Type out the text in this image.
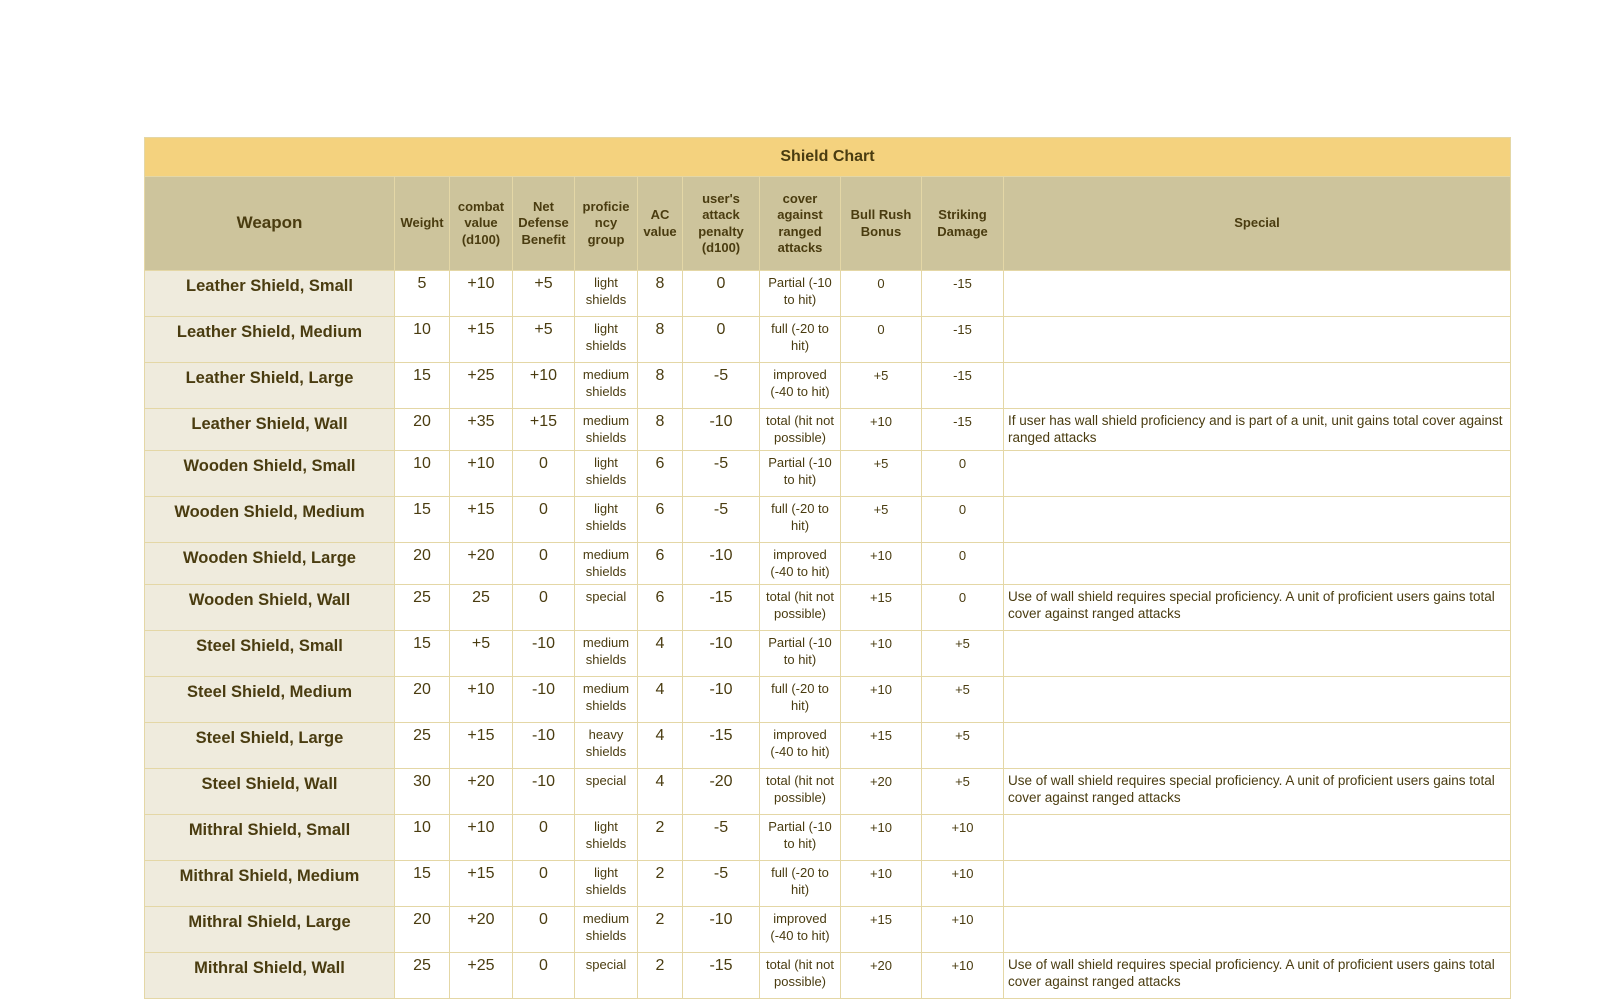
Shield Chart										
Weapon	Weight	combat value (d100)	Net Defense Benefit	proficie ncy group	AC value	user's attack penalty (d100)	cover against ranged attacks	Bull Rush Bonus	Striking Damage	Special
Leather Shield, Small	5	+10	+5	light shields	8	0	Partial (-10 to hit)	0	-15	
Leather Shield, Medium	10	+15	+5	light shields	8	0	full (-20 to hit)	0	-15	
Leather Shield, Large	15	+25	+10	medium shields	8	-5	improved (-40 to hit)	+5	-15	
Leather Shield, Wall	20	+35	+15	medium shields	8	-10	total (hit not possible)	+10	-15	If user has wall shield proficiency and is part of a unit, unit gains total cover against ranged attacks
Wooden Shield, Small	10	+10	0	light shields	6	-5	Partial (-10 to hit)	+5	0	
Wooden Shield, Medium	15	+15	0	light shields	6	-5	full (-20 to hit)	+5	0	
Wooden Shield, Large	20	+20	0	medium shields	6	-10	improved (-40 to hit)	+10	0	
Wooden Shield, Wall	25	25	0	special	6	-15	total (hit not possible)	+15	0	Use of wall shield requires special proficiency. A unit of proficient users gains total cover against ranged attacks
Steel Shield, Small	15	+5	-10	medium shields	4	-10	Partial (-10 to hit)	+10	+5	
Steel Shield, Medium	20	+10	-10	medium shields	4	-10	full (-20 to hit)	+10	+5	
Steel Shield, Large	25	+15	-10	heavy shields	4	-15	improved (-40 to hit)	+15	+5	
Steel Shield, Wall	30	+20	-10	special	4	-20	total (hit not possible)	+20	+5	Use of wall shield requires special proficiency. A unit of proficient users gains total cover against ranged attacks
Mithral Shield, Small	10	+10	0	light shields	2	-5	Partial (-10 to hit)	+10	+10	
Mithral Shield, Medium	15	+15	0	light shields	2	-5	full (-20 to hit)	+10	+10	
Mithral Shield, Large	20	+20	0	medium shields	2	-10	improved (-40 to hit)	+15	+10	
Mithral Shield, Wall	25	+25	0	special	2	-15	total (hit not possible)	+20	+10	Use of wall shield requires special proficiency. A unit of proficient users gains total cover against ranged attacks
